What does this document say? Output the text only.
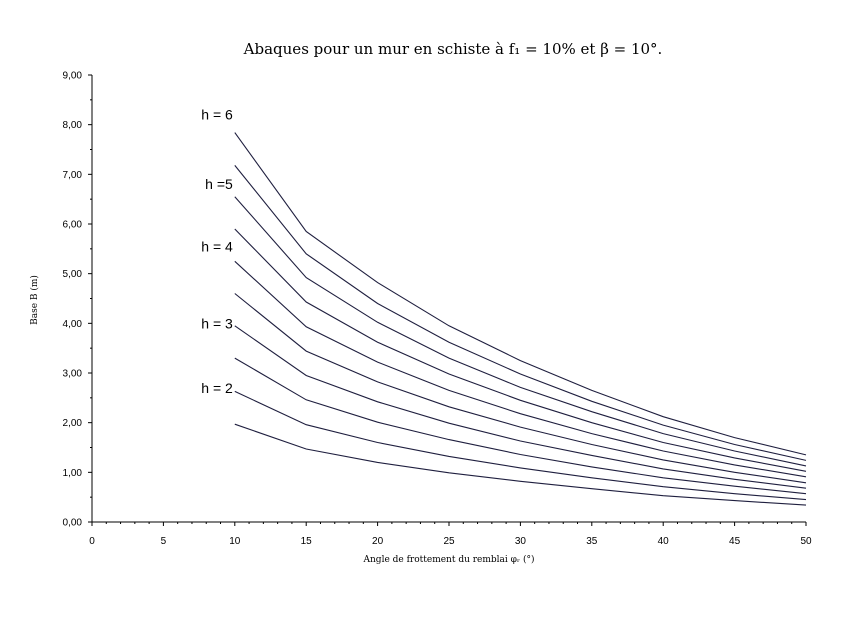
Abaques pour un mur en schiste à f₁ = 10% et β = 10°.
0,00
1,00
2,00
3,00
4,00
5,00
6,00
7,00
8,00
9,00
0	5	10	15	20	25	30	35	40	45	50
h = 6
h =5
h = 4
h = 3
h = 2
Angle de frottement du remblai φᵣ (°)
Base B (m)
